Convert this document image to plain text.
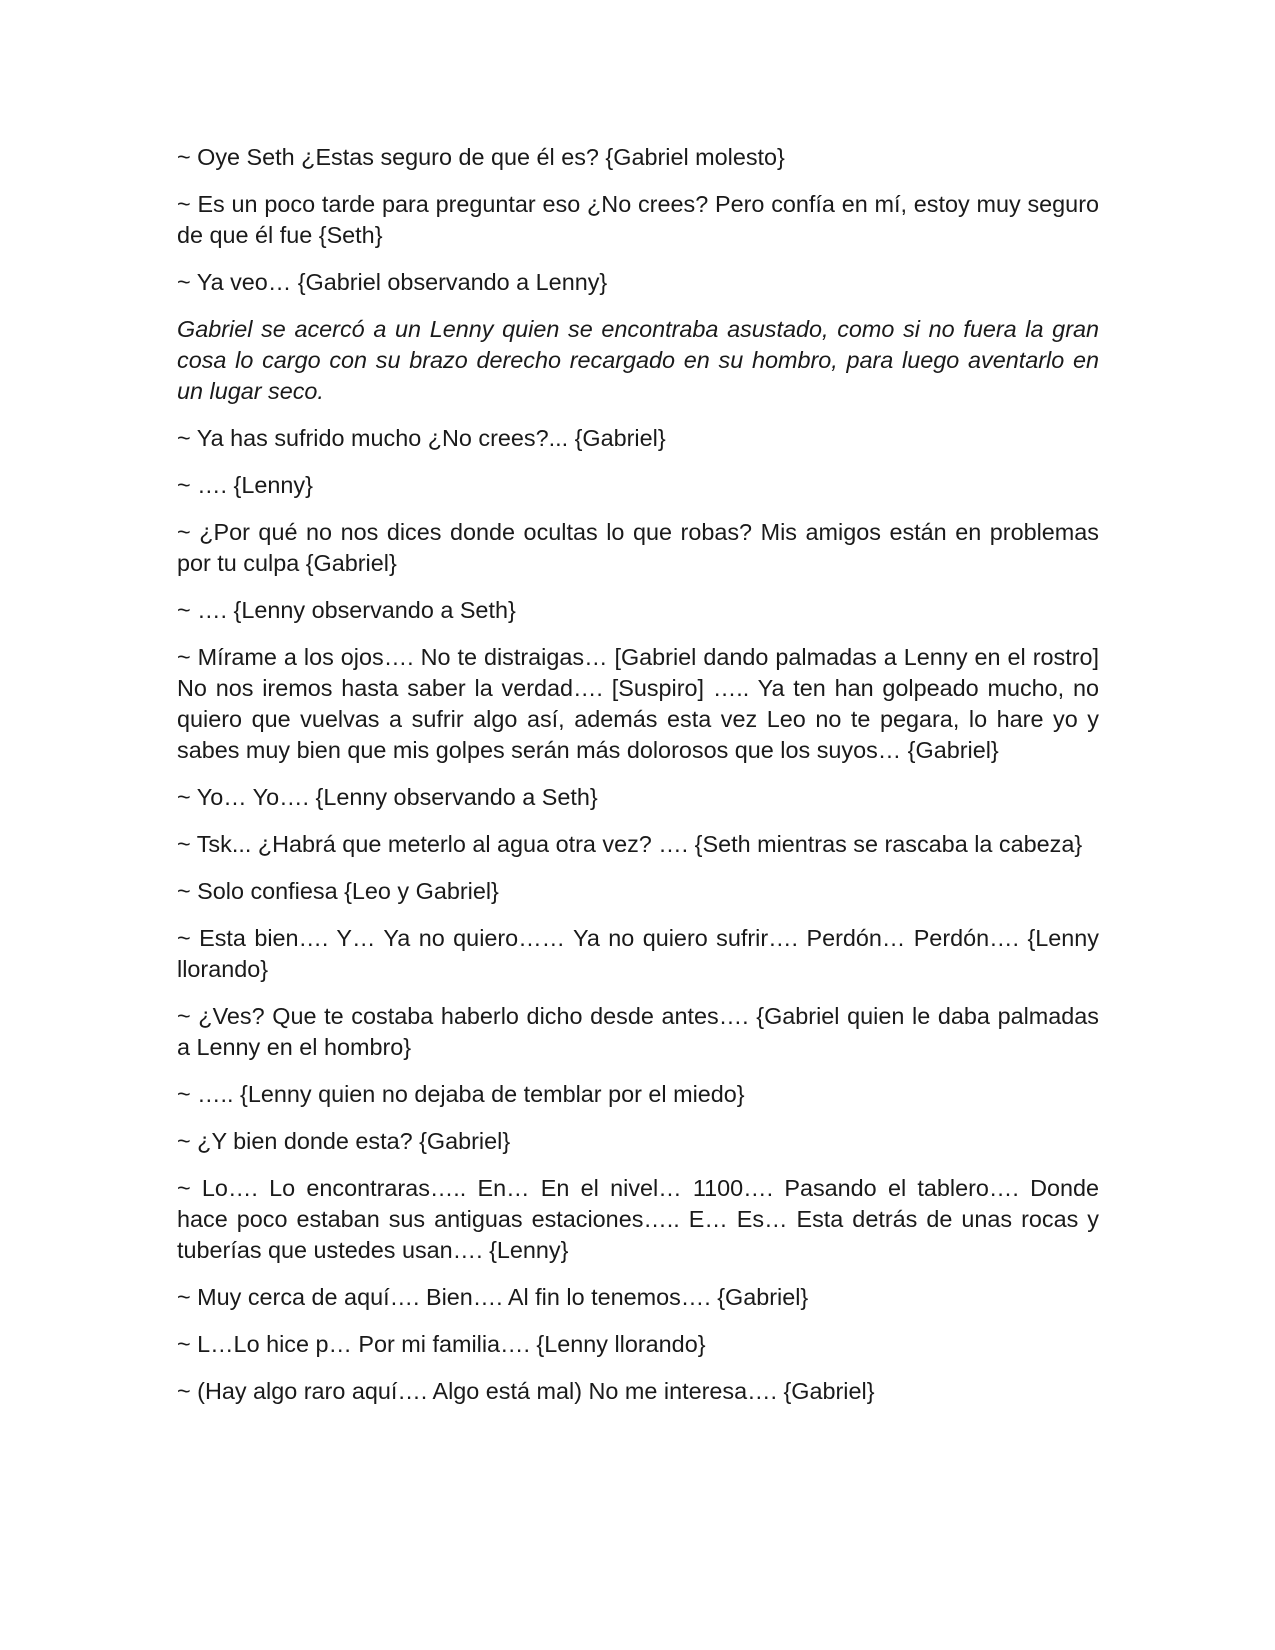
~ Oye Seth ¿Estas seguro de que él es? {Gabriel molesto}

~ Es un poco tarde para preguntar eso ¿No crees? Pero confía en mí, estoy muy seguro de que él fue {Seth}

~ Ya veo… {Gabriel observando a Lenny}

Gabriel se acercó a un Lenny quien se encontraba asustado, como si no fuera la gran cosa lo cargo con su brazo derecho recargado en su hombro, para luego aventarlo en un lugar seco.

~ Ya has sufrido mucho ¿No crees?... {Gabriel}

~ …. {Lenny}

~ ¿Por qué no nos dices donde ocultas lo que robas? Mis amigos están en problemas por tu culpa {Gabriel}

~ …. {Lenny observando a Seth}

~ Mírame a los ojos…. No te distraigas… [Gabriel dando palmadas a Lenny en el rostro] No nos iremos hasta saber la verdad…. [Suspiro] ….. Ya ten han golpeado mucho, no quiero que vuelvas a sufrir algo así, además esta vez Leo no te pegara, lo hare yo y sabes muy bien que mis golpes serán más dolorosos que los suyos… {Gabriel}

~ Yo… Yo…. {Lenny observando a Seth}

~ Tsk... ¿Habrá que meterlo al agua otra vez? …. {Seth mientras se rascaba la cabeza}

~ Solo confiesa {Leo y Gabriel}

~ Esta bien…. Y… Ya no quiero…… Ya no quiero sufrir…. Perdón… Perdón…. {Lenny llorando}

~ ¿Ves? Que te costaba haberlo dicho desde antes…. {Gabriel quien le daba palmadas a Lenny en el hombro}

~ ….. {Lenny quien no dejaba de temblar por el miedo}

~ ¿Y bien donde esta? {Gabriel}

~ Lo…. Lo encontraras….. En… En el nivel… 1100…. Pasando el tablero…. Donde hace poco estaban sus antiguas estaciones….. E… Es… Esta detrás de unas rocas y tuberías que ustedes usan…. {Lenny}

~ Muy cerca de aquí…. Bien…. Al fin lo tenemos…. {Gabriel}

~ L…Lo hice p… Por mi familia…. {Lenny llorando}

~ (Hay algo raro aquí…. Algo está mal) No me interesa…. {Gabriel}
